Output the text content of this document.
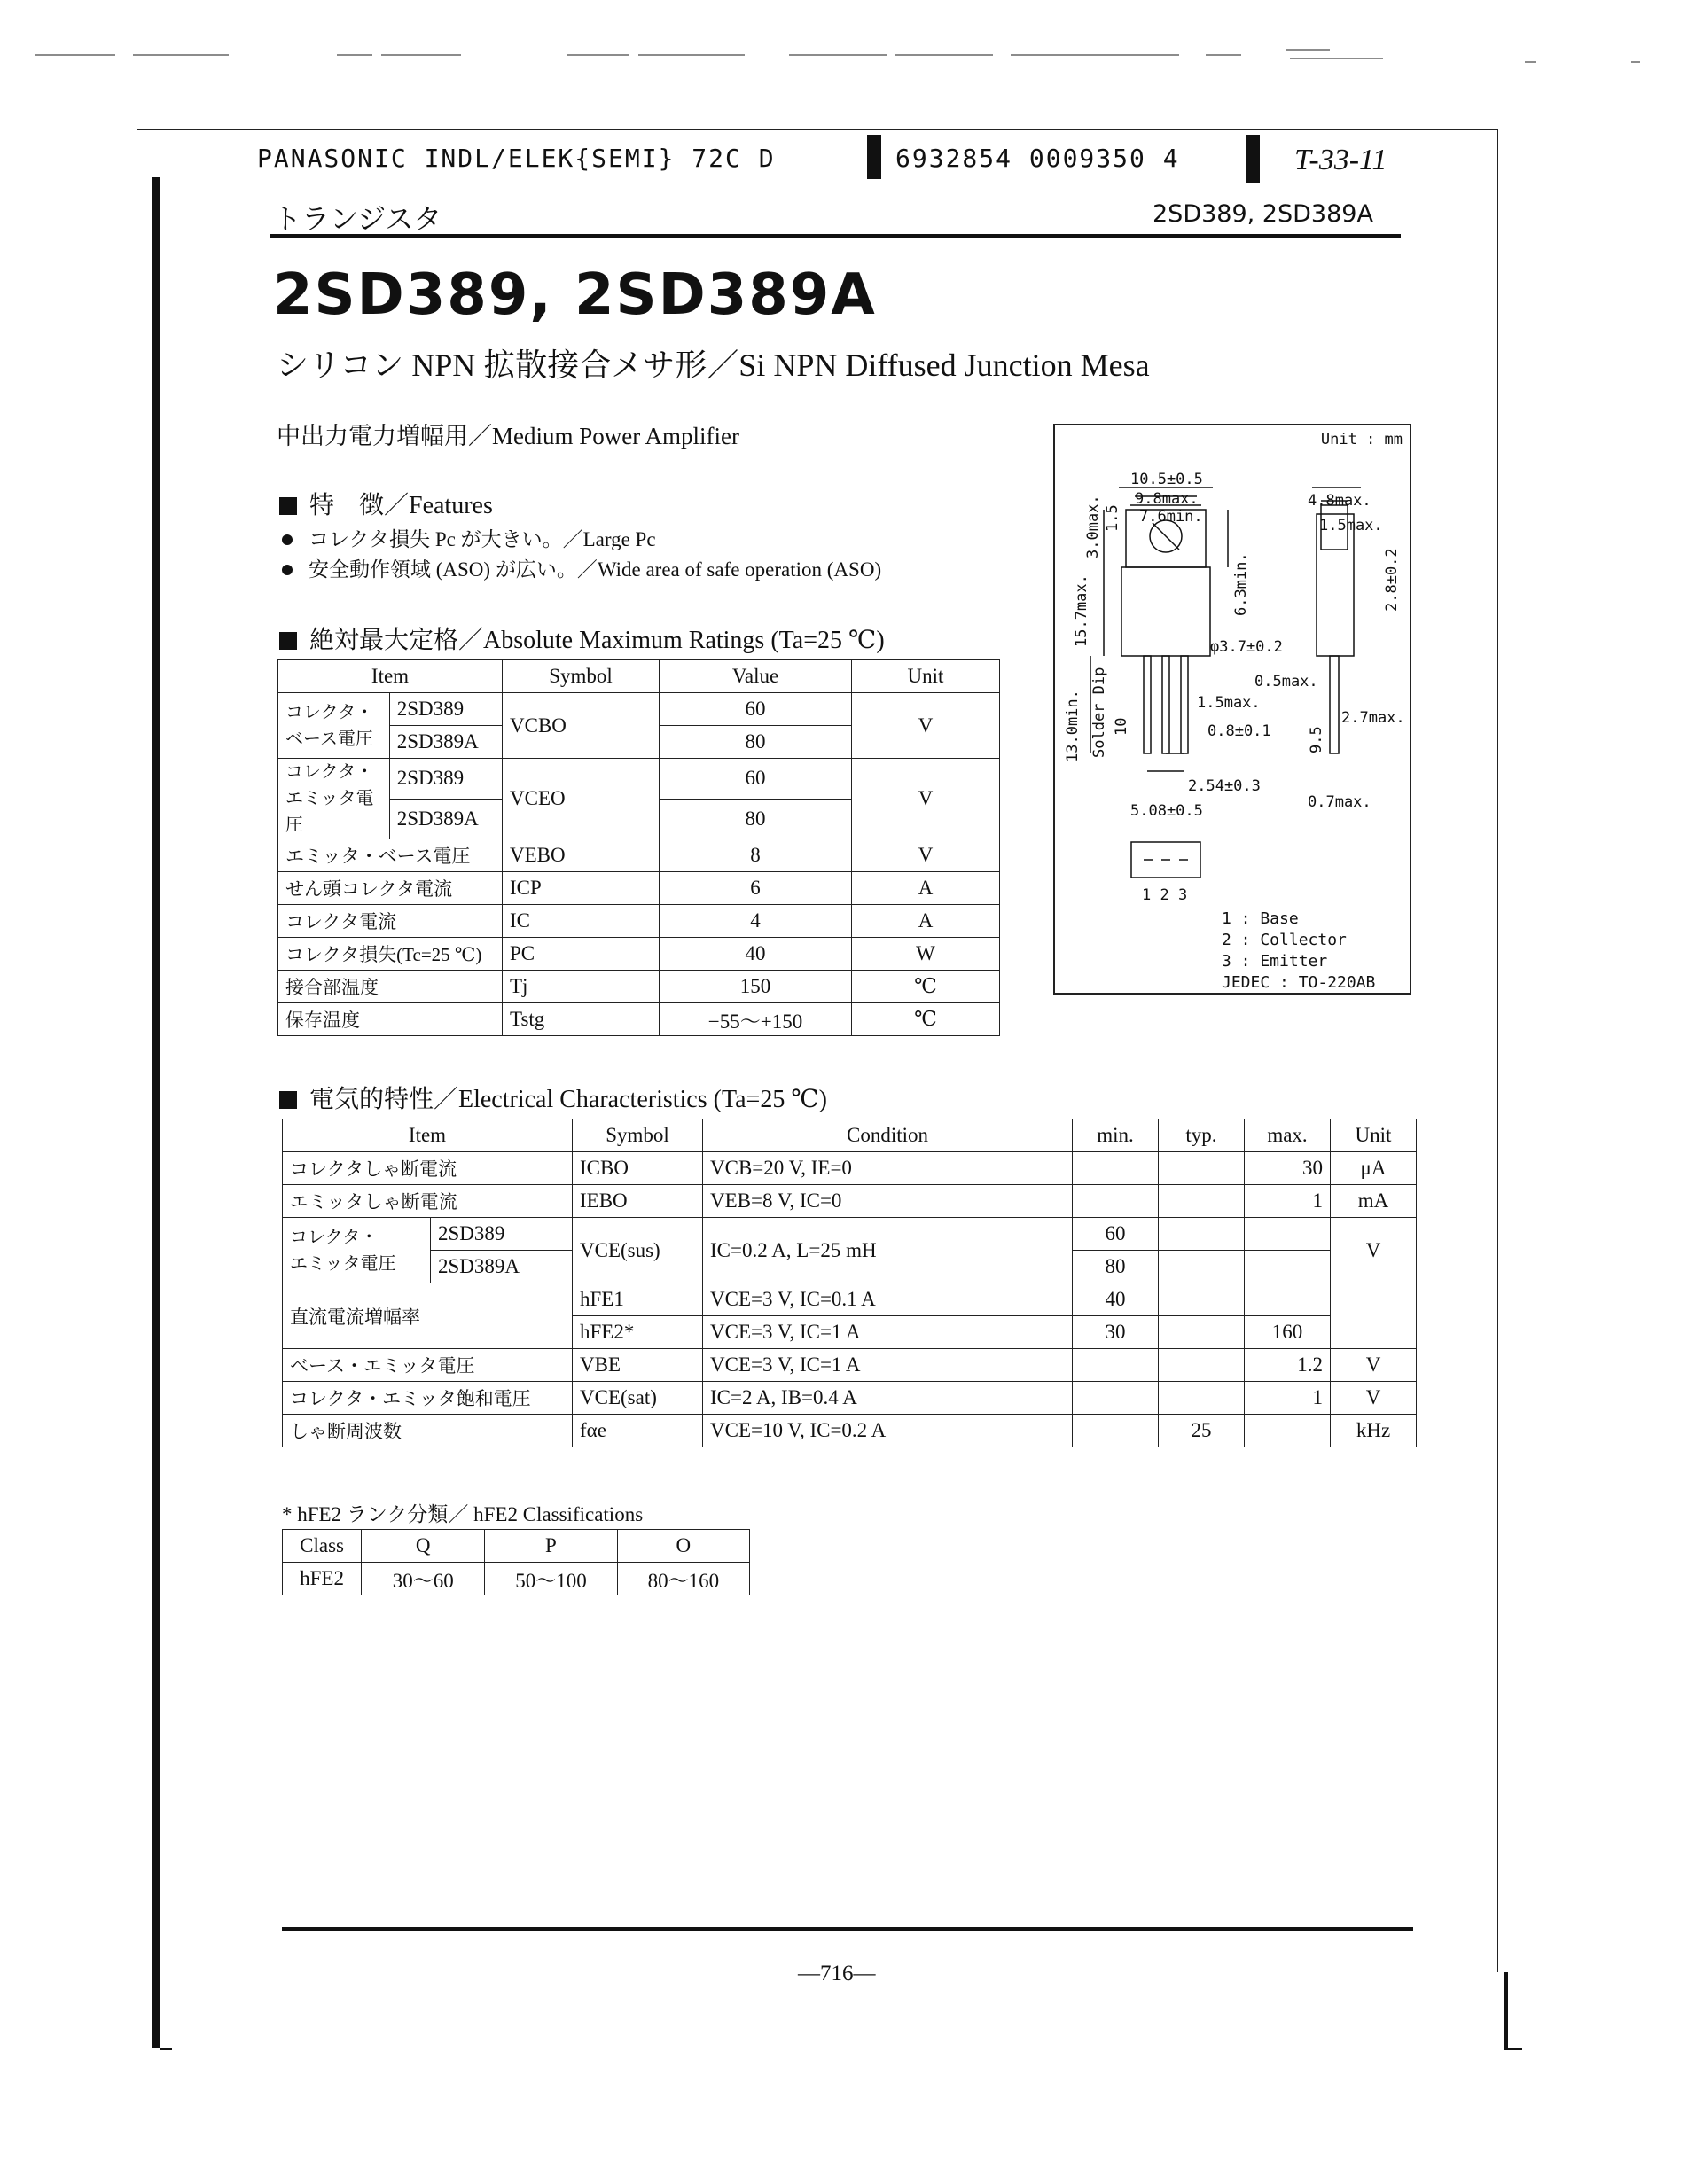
PANASONIC INDL/ELEK{SEMI} 72C D	6932854 0009350 4	T-33-11
トランジスタ	2SD389, 2SD389A
2SD389, 2SD389A
シリコン NPN 拡散接合メサ形／Si NPN Diffused Junction Mesa
中出力電力増幅用／Medium Power Amplifier
特　徴／Features
コレクタ損失 Pc が大きい。／Large Pc
安全動作領域 (ASO) が広い。／Wide area of safe operation (ASO)
絶対最大定格／Absolute Maximum Ratings (Ta=25 ℃)
Item		Symbol	Value	Unit
コレクタ・
ベース電圧	2SD389	VCBO	60	V
	2SD389A		80	
コレクタ・
エミッタ電圧	2SD389	VCEO	60	V
	2SD389A		80	
エミッタ・ベース電圧		VEBO	8	V
せん頭コレクタ電流		ICP	6	A
コレクタ電流		IC	4	A
コレクタ損失(Tc=25 ℃)		PC	40	W
接合部温度		Tj	150	℃
保存温度		Tstg	−55～+150	℃
Unit : mm
10.5±0.5
9.8max.
7.6min.
3.0max. 1.5
6.3min.
15.7max.	φ3.7±0.2
0.5max.
1.5max.
0.8±0.1
13.0min. Solder Dip 10
2.54±0.3
5.08±0.5
4.8max.
1.5max.
2.8±0.2
2.7max.
9.5
0.7max.
1 2 3
1 : Base
2 : Collector
3 : Emitter
JEDEC : TO-220AB
電気的特性／Electrical Characteristics (Ta=25 ℃)
Item		Symbol	Condition	min.	typ.	max.	Unit
コレクタしゃ断電流		ICBO	VCB=20 V, IE=0			30	μA
エミッタしゃ断電流		IEBO	VEB=8 V, IC=0			1	mA
コレクタ・
エミッタ電圧	2SD389	VCE(sus)	IC=0.2 A, L=25 mH	60			V
	2SD389A			80			
直流電流増幅率		hFE1	VCE=3 V, IC=0.1 A	40			
		hFE2*	VCE=3 V, IC=1 A	30		160	
ベース・エミッタ電圧		VBE	VCE=3 V, IC=1 A			1.2	V
コレクタ・エミッタ飽和電圧		VCE(sat)	IC=2 A, IB=0.4 A			1	V
しゃ断周波数		fαe	VCE=10 V, IC=0.2 A		25		kHz
* hFE2 ランク分類／ hFE2 Classifications
Class	Q	P	O
hFE2	30～60	50～100	80～160
—716—
